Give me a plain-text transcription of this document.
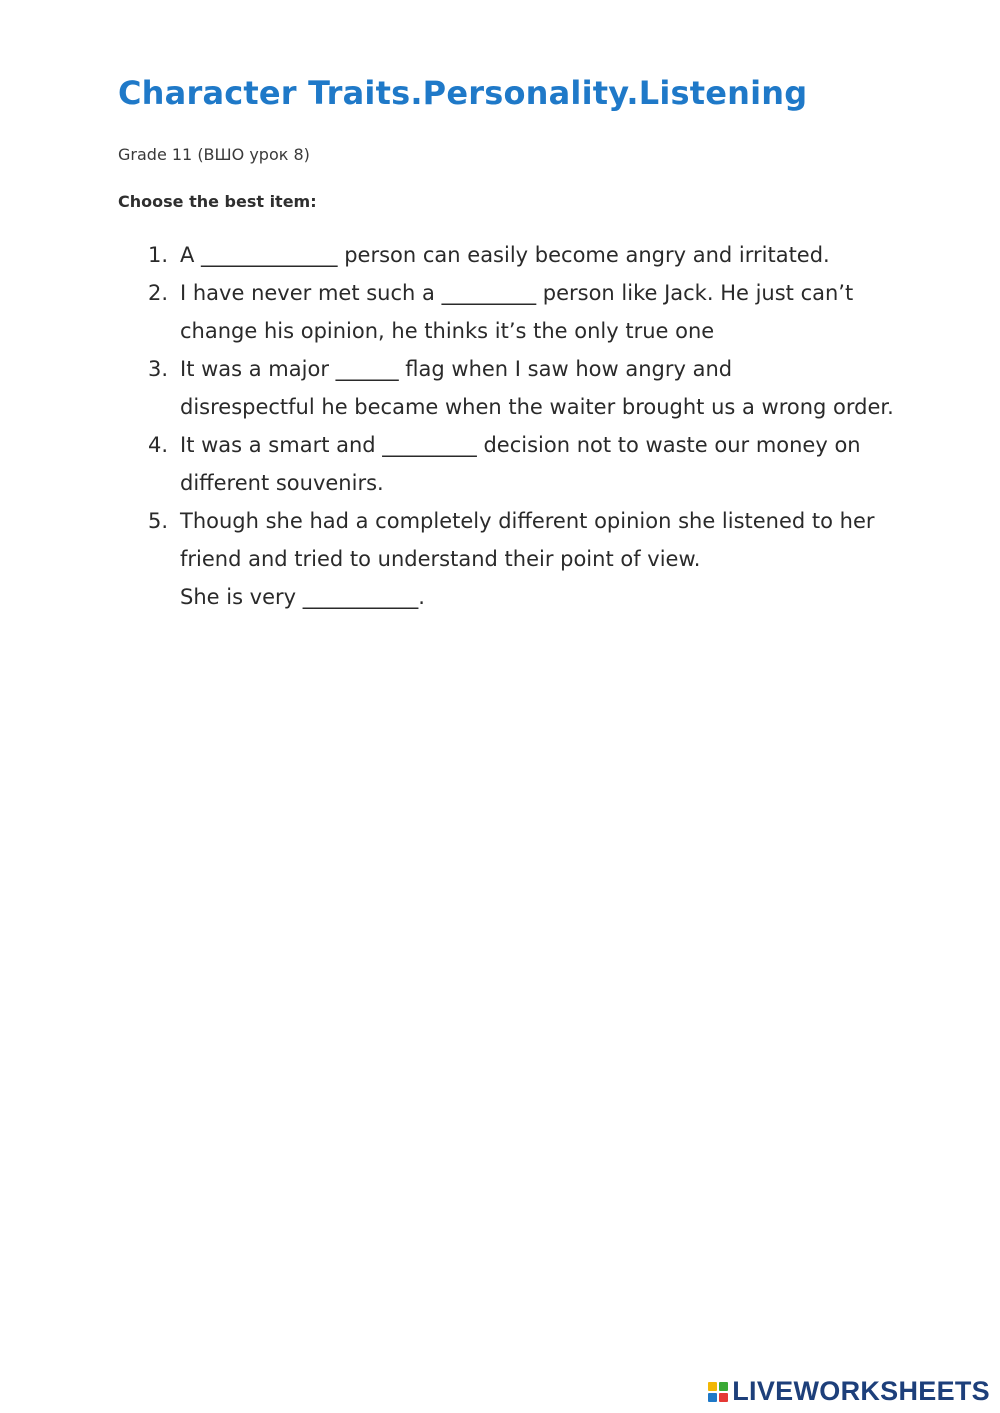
Character Traits.Personality.Listening
Grade 11 (ВШО урок 8)
Choose the best item:
1. A _____________ person can easily become angry and irritated.
2. I have never met such a _________ person like Jack. He just can’t
change his opinion, he thinks it’s the only true one
3. It was a major ______ flag when I saw how angry and
disrespectful he became when the waiter brought us a wrong order.
4. It was a smart and _________ decision not to waste our money on
different souvenirs.
5. Though she had a completely different opinion she listened to her
friend and tried to understand their point of view.
She is very ___________.
LIVEWORKSHEETS
